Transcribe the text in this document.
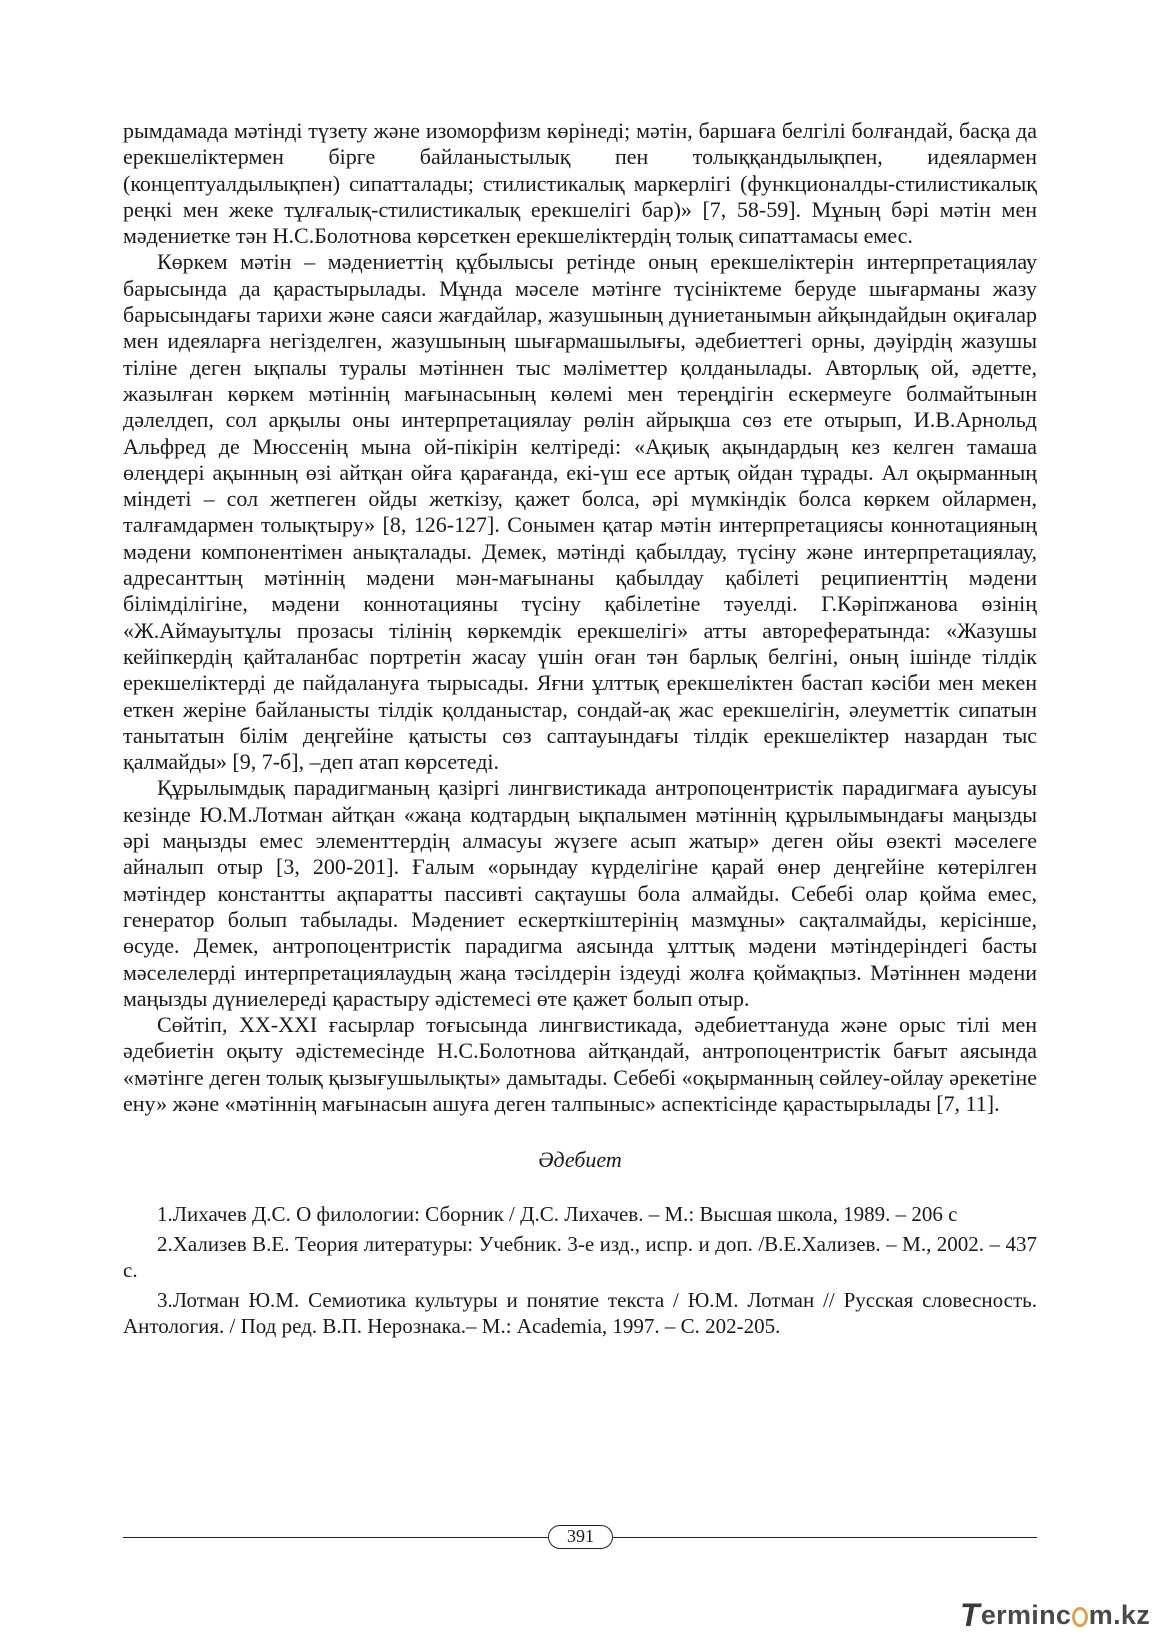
рымдамада мәтінді түзету және изоморфизм көрінеді; мәтін, баршаға белгілі болғандай, басқа да ерекшеліктермен бірге байланыстылық пен толыққандылықпен, идеялармен (концептуалдылықпен) сипатталады; стилистикалық маркерлігі (функционалды-стилистикалық реңкі мен жеке тұлғалық-стилистикалық ерекшелігі бар)» [7, 58-59]. Мұның бәрі мәтін мен мәдениетке тән Н.С.Болотнова көрсеткен ерекшеліктердің толық сипаттамасы емес.

Көркем мәтін – мәдениеттің құбылысы ретінде оның ерекшеліктерін интерпретациялау барысында да қарастырылады. Мұнда мәселе мәтінге түсініктеме беруде шығарманы жазу барысындағы тарихи және саяси жағдайлар, жазушының дүниетанымын айқындайдын оқиғалар мен идеяларға негізделген, жазушының шығармашылығы, әдебиеттегі орны, дәуірдің жазушы тіліне деген ықпалы туралы мәтіннен тыс мәліметтер қолданылады. Авторлық ой, әдетте, жазылған көркем мәтіннің мағынасының көлемі мен тереңдігін ескермеуге болмайтынын дәлелдеп, сол арқылы оны интерпретациялау рөлін айрықша сөз ете отырып, И.В.Арнольд Альфред де Мюссенің мына ой-пікірін келтіреді: «Ақиық ақындардың кез келген тамаша өлеңдері ақынның өзі айтқан ойға қарағанда, екі-үш есе артық ойдан тұрады. Ал оқырманның міндеті – сол жетпеген ойды жеткізу, қажет болса, әрі мүмкіндік болса көркем ойлармен, талғамдармен толықтыру» [8, 126-127]. Сонымен қатар мәтін интерпретациясы коннотацияның мәдени компонентімен анықталады. Демек, мәтінді қабылдау, түсіну және интерпретациялау, адресанттың мәтіннің мәдени мән-мағынаны қабылдау қабілеті реципиенттің мәдени білімділігіне, мәдени коннотацияны түсіну қабілетіне тәуелді. Г.Кәріпжанова өзінің «Ж.Аймауытұлы прозасы тілінің көркемдік ерекшелігі» атты авторефератында: «Жазушы кейіпкердің қайталанбас портретін жасау үшін оған тән барлық белгіні, оның ішінде тілдік ерекшеліктерді де пайдалануға тырысады. Яғни ұлттық ерекшеліктен бастап кәсіби мен мекен еткен жеріне байланысты тілдік қолданыстар, сондай-ақ жас ерекшелігін, әлеуметтік сипатын танытатын білім деңгейіне қатысты сөз саптауындағы тілдік ерекшеліктер назардан тыс қалмайды» [9, 7-б], –деп атап көрсетеді.

Құрылымдық парадигманың қазіргі лингвистикада антропоцентристік парадигмаға ауысуы кезінде Ю.М.Лотман айтқан «жаңа кодтардың ықпалымен мәтіннің құрылымындағы маңызды әрі маңызды емес элементтердің алмасуы жүзеге асып жатыр» деген ойы өзекті мәселеге айналып отыр [3, 200-201]. Ғалым «орындау күрделігіне қарай өнер деңгейіне көтерілген мәтіндер константты ақпаратты пассивті сақтаушы бола алмайды. Себебі олар қойма емес, генератор болып табылады. Мәдениет ескерткіштерінің мазмұны» сақталмайды, керісінше, өсуде. Демек, антропоцентристік парадигма аясында ұлттық мәдени мәтіндеріндегі басты мәселелерді интерпретациялаудың жаңа тәсілдерін іздеуді жолға қоймақпыз. Мәтіннен мәдени маңызды дүниелереді қарастыру әдістемесі өте қажет болып отыр.

Сөйтіп, XX-XXI ғасырлар тоғысында лингвистикада, әдебиеттануда және орыс тілі мен әдебиетін оқыту әдістемесінде Н.С.Болотнова айтқандай, антропоцентристік бағыт аясында «мәтінге деген толық қызығушылықты» дамытады. Себебі «оқырманның сөйлеу-ойлау әрекетіне ену» және «мәтіннің мағынасын ашуға деген талпыныс» аспектісінде қарастырылады [7, 11].

Әдебиет

1.Лихачев Д.С. О филологии: Сборник / Д.С. Лихачев. – М.: Высшая школа, 1989. – 206 с

2.Хализев В.Е. Теория литературы: Учебник. 3-е изд., испр. и доп. /В.Е.Хализев. – М., 2002. – 437 с.

3.Лотман Ю.М. Семиотика культуры и понятие текста / Ю.М. Лотман // Русская словесность. Антология. / Под ред. В.П. Нерознака.– М.: Academia, 1997. – С. 202-205.

391
T ermin c m.kz
